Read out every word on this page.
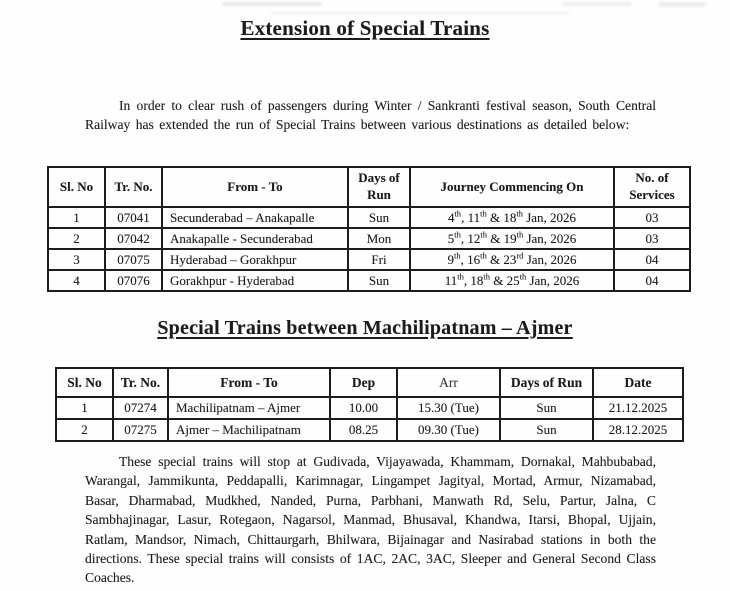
Extension of Special Trains

In order to clear rush of passengers during Winter / Sankranti festival season, South Central Railway has extended the run of Special Trains between various destinations as detailed below:

Sl. No	Tr. No.	From - To	Days of Run	Journey Commencing On	No. of Services
1	07041	Secunderabad – Anakapalle	Sun	4th, 11th & 18th Jan, 2026	03
2	07042	Anakapalle - Secunderabad	Mon	5th, 12th & 19th Jan, 2026	03
3	07075	Hyderabad – Gorakhpur	Fri	9th, 16th & 23rd Jan, 2026	04
4	07076	Gorakhpur - Hyderabad	Sun	11th, 18th & 25th Jan, 2026	04
Special Trains between Machilipatnam – Ajmer
Sl. No	Tr. No.	From - To	Dep	Arr	Days of Run	Date
1	07274	Machilipatnam – Ajmer	10.00	15.30 (Tue)	Sun	21.12.2025
2	07275	Ajmer – Machilipatnam	08.25	09.30 (Tue)	Sun	28.12.2025

These special trains will stop at Gudivada, Vijayawada, Khammam, Dornakal, Mahbubabad, Warangal, Jammikunta, Peddapalli, Karimnagar, Lingampet Jagityal, Mortad, Armur, Nizamabad, Basar, Dharmabad, Mudkhed, Nanded, Purna, Parbhani, Manwath Rd, Selu, Partur, Jalna, C Sambhajinagar, Lasur, Rotegaon, Nagarsol, Manmad, Bhusaval, Khandwa, Itarsi, Bhopal, Ujjain, Ratlam, Mandsor, Nimach, Chittaurgarh, Bhilwara, Bijainagar and Nasirabad stations in both the directions. These special trains will consists of 1AC, 2AC, 3AC, Sleeper and General Second Class Coaches.
